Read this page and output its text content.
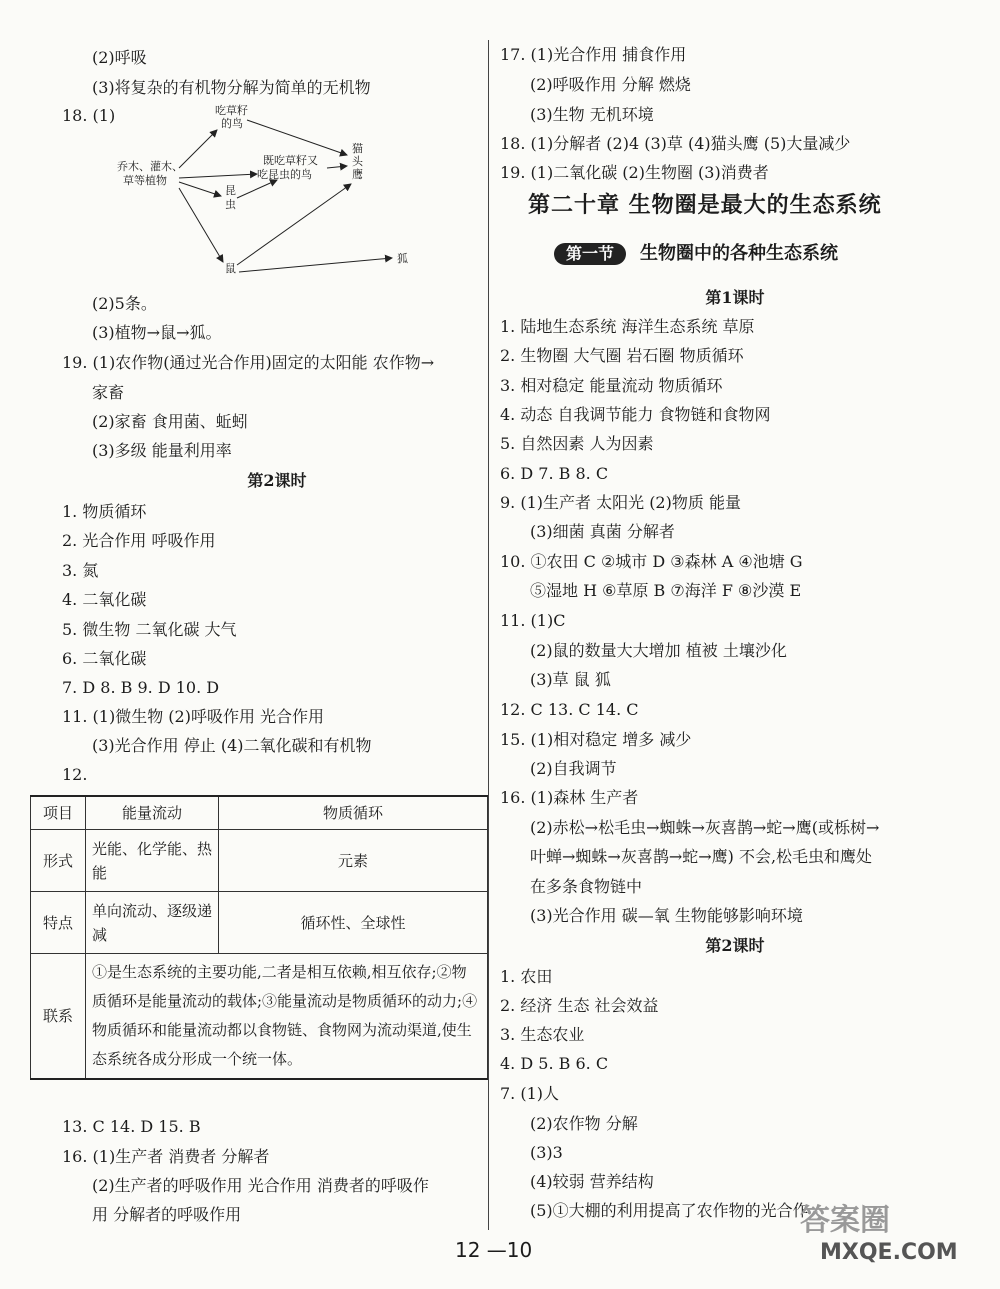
(2)呼吸
(3)将复杂的有机物分解为简单的无机物
18. (1)
乔木、灌木、
草等植物
吃草籽
的鸟
既吃草籽又
吃昆虫的鸟
昆
虫
鼠
猫
头
鹰
狐
(2)5条。
(3)植物→鼠→狐。
19. (1)农作物(通过光合作用)固定的太阳能 农作物→
家畜
(2)家畜 食用菌、蚯蚓
(3)多级 能量利用率
第2课时
1. 物质循环
2. 光合作用 呼吸作用
3. 氮
4. 二氧化碳
5. 微生物 二氧化碳 大气
6. 二氧化碳
7. D 8. B 9. D 10. D
11. (1)微生物 (2)呼吸作用 光合作用
(3)光合作用 停止 (4)二氧化碳和有机物
12.
项目	能量流动	物质循环
形式	光能、化学能、热能	元素
特点	单向流动、逐级递减	循环性、全球性
联系	①是生态系统的主要功能,二者是相互依赖,相互依存;②物质循环是能量流动的载体;③能量流动是物质循环的动力;④物质循环和能量流动都以食物链、食物网为流动渠道,使生态系统各成分形成一个统一体。	
13. C 14. D 15. B
16. (1)生产者 消费者 分解者
(2)生产者的呼吸作用 光合作用 消费者的呼吸作
用 分解者的呼吸作用
17. (1)光合作用 捕食作用
(2)呼吸作用 分解 燃烧
(3)生物 无机环境
18. (1)分解者 (2)4 (3)草 (4)猫头鹰 (5)大量减少
19. (1)二氧化碳 (2)生物圈 (3)消费者
第二十章 生物圈是最大的生态系统
第一节 生物圈中的各种生态系统
第1课时
1. 陆地生态系统 海洋生态系统 草原
2. 生物圈 大气圈 岩石圈 物质循环
3. 相对稳定 能量流动 物质循环
4. 动态 自我调节能力 食物链和食物网
5. 自然因素 人为因素
6. D 7. B 8. C
9. (1)生产者 太阳光 (2)物质 能量
(3)细菌 真菌 分解者
10. ①农田 C ②城市 D ③森林 A ④池塘 G
⑤湿地 H ⑥草原 B ⑦海洋 F ⑧沙漠 E
11. (1)C
(2)鼠的数量大大增加 植被 土壤沙化
(3)草 鼠 狐
12. C 13. C 14. C
15. (1)相对稳定 增多 减少
(2)自我调节
16. (1)森林 生产者
(2)赤松→松毛虫→蜘蛛→灰喜鹊→蛇→鹰(或栎树→
叶蝉→蜘蛛→灰喜鹊→蛇→鹰) 不会,松毛虫和鹰处
在多条食物链中
(3)光合作用 碳—氧 生物能够影响环境
第2课时
1. 农田
2. 经济 生态 社会效益
3. 生态农业
4. D 5. B 6. C
7. (1)人
(2)农作物 分解
(3)3
(4)较弱 营养结构
(5)①大棚的利用提高了农作物的光合作
12 —10
答案圈
MXQE.COM
